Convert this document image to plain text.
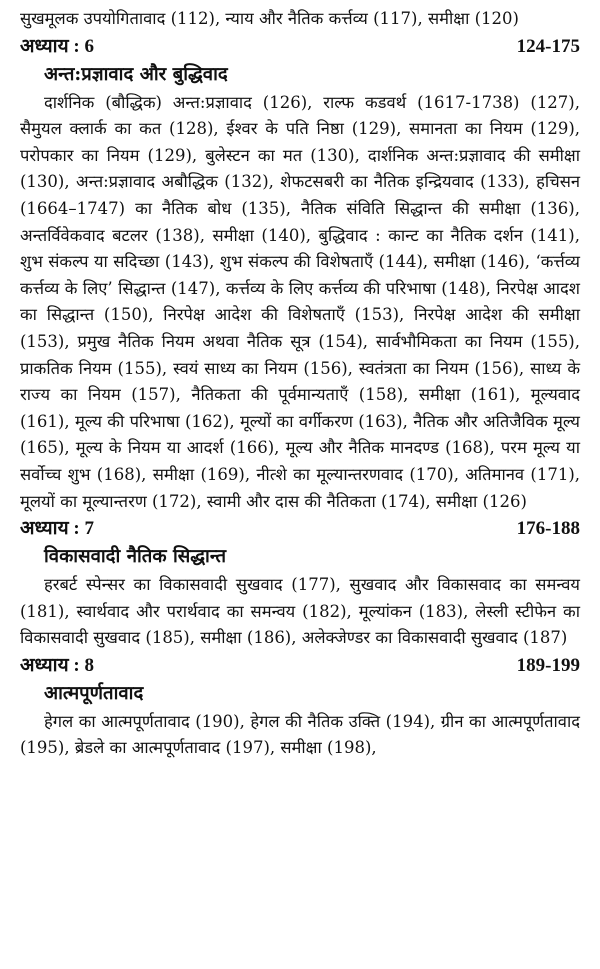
सुखमूलक उपयोगितावाद (112), न्याय और नैतिक कर्त्तव्य (117), समीक्षा (120)

अध्याय : 6	124-175
अन्त:प्रज्ञावाद और बुद्धिवाद

दार्शनिक (बौद्धिक) अन्त:प्रज्ञावाद (126), राल्फ कडवर्थ (1617-1738) (127), सैमुयल क्लार्क का कत (128), ईश्वर के पति निष्ठा (129), समानता का नियम (129), परोपकार का नियम (129), बुलेस्टन का मत (130), दार्शनिक अन्त:प्रज्ञावाद की समीक्षा (130), अन्त:प्रज्ञावाद अबौद्धिक (132), शेफटसबरी का नैतिक इन्द्रियवाद (133), हचिसन (1664–1747) का नैतिक बोध (135), नैतिक संविति सिद्धान्त की समीक्षा (136), अन्तर्विवेकवाद बटलर (138), समीक्षा (140), बुद्धिवाद : कान्ट का नैतिक दर्शन (141), शुभ संकल्प या सदिच्छा (143), शुभ संकल्प की विशेषताएँ (144), समीक्षा (146), ‘कर्त्तव्य कर्त्तव्य के लिए’ सिद्धान्त (147), कर्त्तव्य के लिए कर्त्तव्य की परिभाषा (148), निरपेक्ष आदश का सिद्धान्त (150), निरपेक्ष आदेश की विशेषताएँ (153), निरपेक्ष आदेश की समीक्षा (153), प्रमुख नैतिक नियम अथवा नैतिक सूत्र (154), सार्वभौमिकता का नियम (155), प्राकतिक नियम (155), स्वयं साध्य का नियम (156), स्वतंत्रता का नियम (156), साध्य के राज्य का नियम (157), नैतिकता की पूर्वमान्यताएँ (158), समीक्षा (161), मूल्यवाद (161), मूल्य की परिभाषा (162), मूल्यों का वर्गीकरण (163), नैतिक और अतिजैविक मूल्य (165), मूल्य के नियम या आदर्श (166), मूल्य और नैतिक मानदण्ड (168), परम मूल्य या सर्वोच्च शुभ (168), समीक्षा (169), नीत्शे का मूल्यान्तरणवाद (170), अतिमानव (171), मूलयों का मूल्यान्तरण (172), स्वामी और दास की नैतिकता (174), समीक्षा (126)

अध्याय : 7	176-188
विकासवादी नैतिक सिद्धान्त

हरबर्ट स्पेन्सर का विकासवादी सुखवाद (177), सुखवाद और विकासवाद का समन्वय (181), स्वार्थवाद और परार्थवाद का समन्वय (182), मूल्यांकन (183), लेस्ली स्टीफेन का विकासवादी सुखवाद (185), समीक्षा (186), अलेक्जेण्डर का विकासवादी सुखवाद (187)

अध्याय : 8	189-199
आत्मपूर्णतावाद

हेगल का आत्मपूर्णतावाद (190), हेगल की नैतिक उक्ति (194), ग्रीन का आत्मपूर्णतावाद (195), ब्रेडले का आत्मपूर्णतावाद (197), समीक्षा (198),
